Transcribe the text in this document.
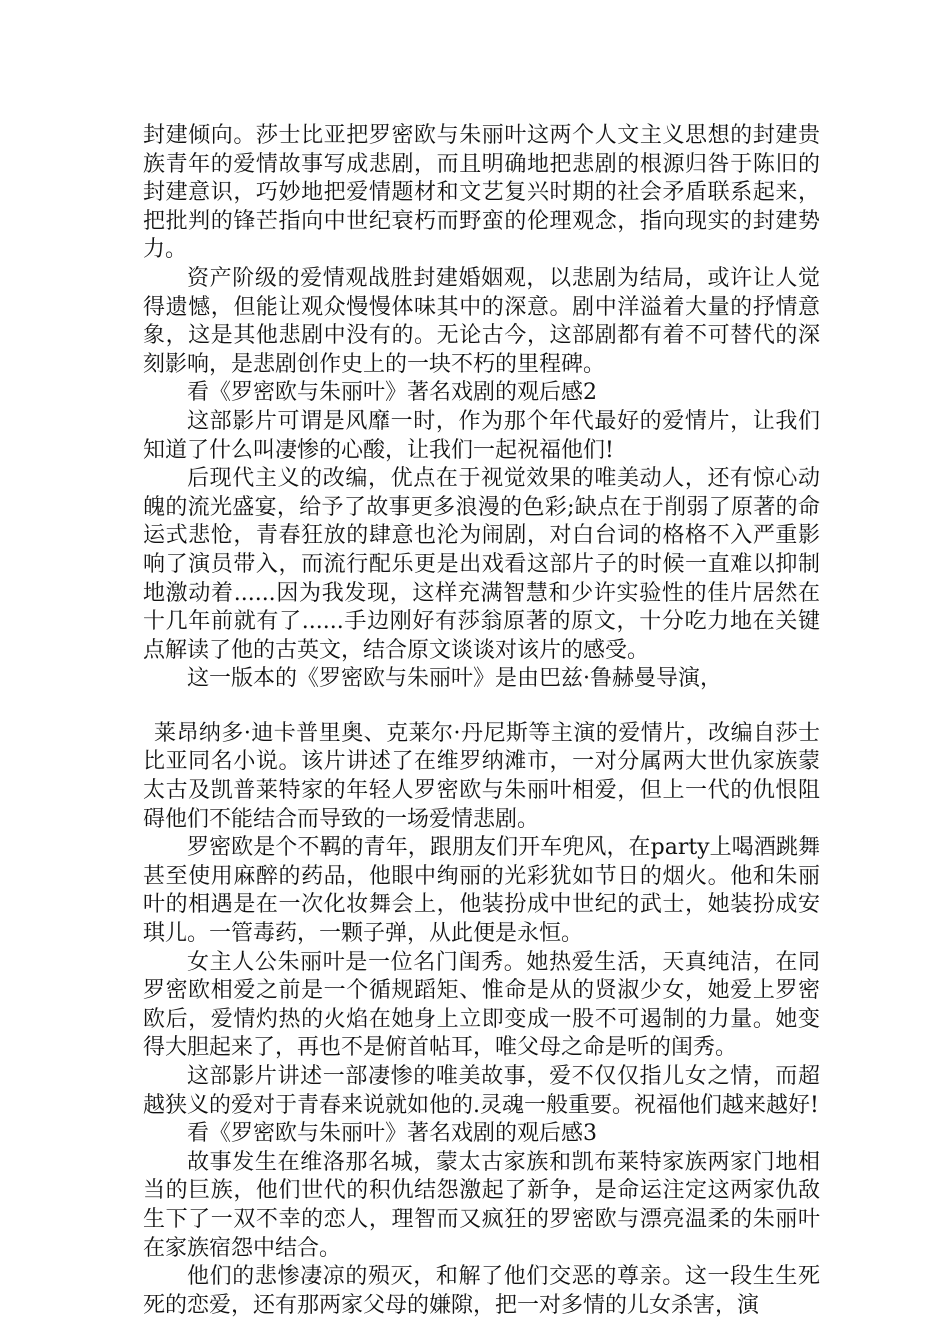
封建倾向。莎士比亚把罗密欧与朱丽叶这两个人文主义思想的封建贵族青年的爱情故事写成悲剧，而且明确地把悲剧的根源归咎于陈旧的封建意识，巧妙地把爱情题材和文艺复兴时期的社会矛盾联系起来，把批判的锋芒指向中世纪衰朽而野蛮的伦理观念，指向现实的封建势力。

资产阶级的爱情观战胜封建婚姻观，以悲剧为结局，或许让人觉得遗憾，但能让观众慢慢体味其中的深意。剧中洋溢着大量的抒情意象，这是其他悲剧中没有的。无论古今，这部剧都有着不可替代的深刻影响，是悲剧创作史上的一块不朽的里程碑。

看《罗密欧与朱丽叶》著名戏剧的观后感2

这部影片可谓是风靡一时，作为那个年代最好的爱情片，让我们知道了什么叫凄惨的心酸，让我们一起祝福他们!

后现代主义的改编，优点在于视觉效果的唯美动人，还有惊心动魄的流光盛宴，给予了故事更多浪漫的色彩;缺点在于削弱了原著的命运式悲怆，青春狂放的肆意也沦为闹剧，对白台词的格格不入严重影响了演员带入，而流行配乐更是出戏看这部片子的时候一直难以抑制地激动着......因为我发现，这样充满智慧和少许实验性的佳片居然在十几年前就有了......手边刚好有莎翁原著的原文，十分吃力地在关键点解读了他的古英文，结合原文谈谈对该片的感受。

这一版本的《罗密欧与朱丽叶》是由巴兹·鲁赫曼导演，

莱昂纳多·迪卡普里奥、克莱尔·丹尼斯等主演的爱情片，改编自莎士比亚同名小说。该片讲述了在维罗纳滩市，一对分属两大世仇家族蒙太古及凯普莱特家的年轻人罗密欧与朱丽叶相爱，但上一代的仇恨阻碍他们不能结合而导致的一场爱情悲剧。

罗密欧是个不羁的青年，跟朋友们开车兜风，在party上喝酒跳舞甚至使用麻醉的药品，他眼中绚丽的光彩犹如节日的烟火。他和朱丽叶的相遇是在一次化妆舞会上，他装扮成中世纪的武士，她装扮成安琪儿。一管毒药，一颗子弹，从此便是永恒。

女主人公朱丽叶是一位名门闺秀。她热爱生活，天真纯洁，在同罗密欧相爱之前是一个循规蹈矩、惟命是从的贤淑少女，她爱上罗密欧后，爱情灼热的火焰在她身上立即变成一股不可遏制的力量。她变得大胆起来了，再也不是俯首帖耳，唯父母之命是听的闺秀。

这部影片讲述一部凄惨的唯美故事，爱不仅仅指儿女之情，而超越狭义的爱对于青春来说就如他的.灵魂一般重要。祝福他们越来越好!

看《罗密欧与朱丽叶》著名戏剧的观后感3

故事发生在维洛那名城，蒙太古家族和凯布莱特家族两家门地相当的巨族，他们世代的积仇结怨激起了新争，是命运注定这两家仇敌生下了一双不幸的恋人，理智而又疯狂的罗密欧与漂亮温柔的朱丽叶在家族宿怨中结合。

他们的悲惨凄凉的殒灭，和解了他们交恶的尊亲。这一段生生死死的恋爱，还有那两家父母的嫌隙，把一对多情的儿女杀害，演
